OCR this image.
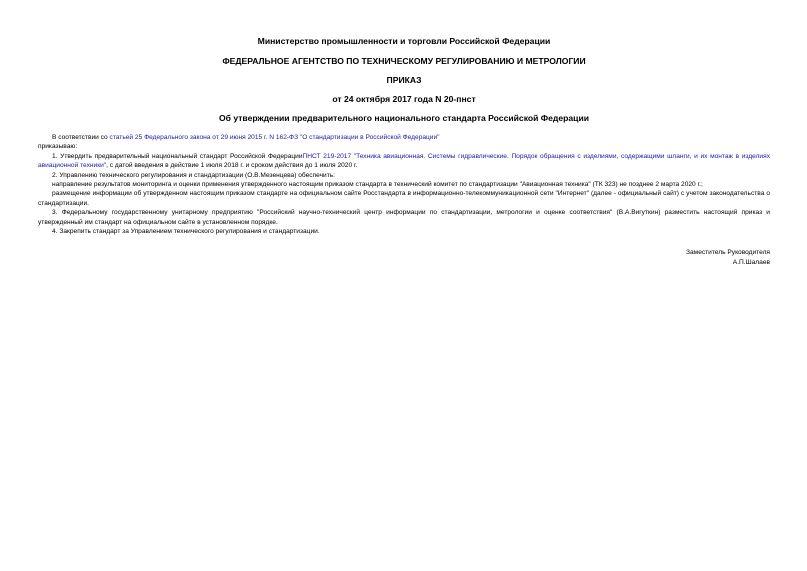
Министерство промышленности и торговли Российской Федерации
ФЕДЕРАЛЬНОЕ АГЕНТСТВО ПО ТЕХНИЧЕСКОМУ РЕГУЛИРОВАНИЮ И МЕТРОЛОГИИ
ПРИКАЗ
от 24 октября 2017 года N 20-пнст
Об утверждении предварительного национального стандарта Российской Федерации

В соответствии со статьей 25 Федерального закона от 29 июня 2015 г. N 162-ФЗ "О стандартизации в Российской Федерации"

приказываю:

1. Утвердить предварительный национальный стандарт Российской ФедерацииПНСТ 219-2017 "Техника авиационная. Системы гидравлические. Порядок обращения с изделиями, содержащими шланги, и их монтаж в изделиях авиационной техники", с датой введения в действие 1 июля 2018 г. и сроком действия до 1 июля 2020 г.

2. Управлению технического регулирования и стандартизации (О.В.Мезенцева) обеспечить:

направление результатов мониторинга и оценки применения утвержденного настоящим приказом стандарта в технический комитет по стандартизации "Авиационная техника" (ТК 323) не позднее 2 марта 2020 г.;

размещение информации об утвержденном настоящим приказом стандарте на официальном сайте Росстандарта в информационно-телекоммуникационной сети "Интернет" (далее - официальный сайт) с учетом законодательства о стандартизации.

3. Федеральному государственному унитарному предприятию "Российский научно-технический центр информации по стандартизации, метрологии и оценке соответствия" (В.А.Вигуткин) разместить настоящий приказ и утвержденный им стандарт на официальном сайте в установленном порядке.

4. Закрепить стандарт за Управлением технического регулирования и стандартизации.

Заместитель Руководителя
А.П.Шалаев
